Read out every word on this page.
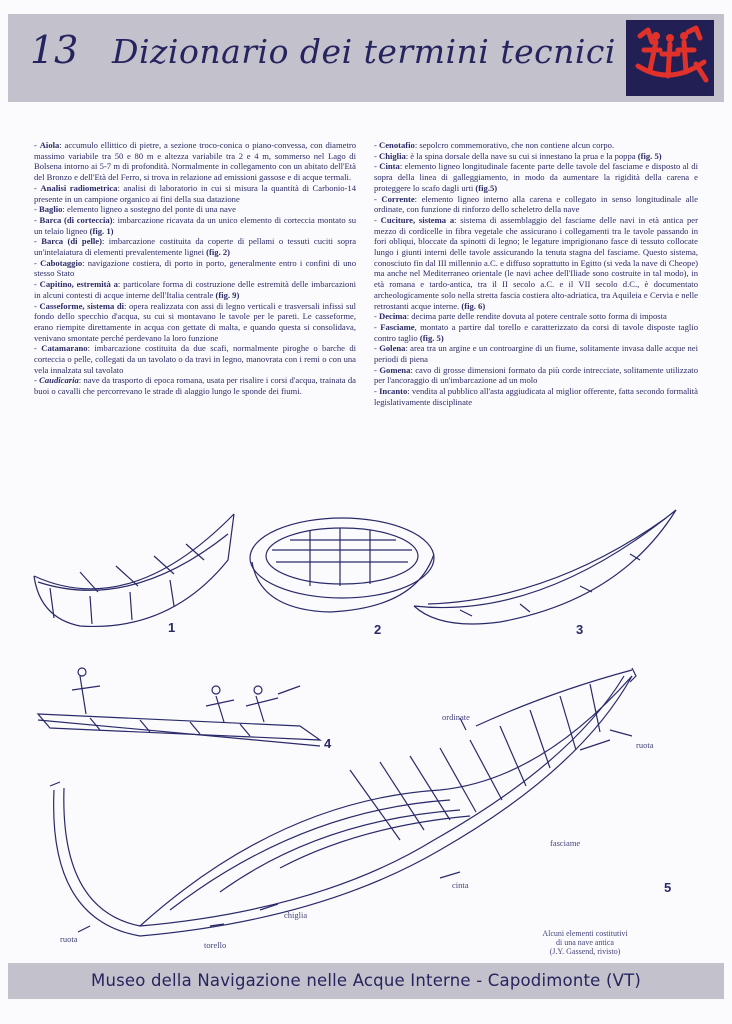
13 Dizionario dei termini tecnici

- Aiola: accumulo ellittico di pietre, a sezione troco-conica o piano-convessa, con diametro massimo variabile tra 50 e 80 m e altezza variabile tra 2 e 4 m, sommerso nel Lago di Bolsena intorno ai 5-7 m di profondità. Normalmente in collegamento con un abitato dell'Età del Bronzo e dell'Età del Ferro, si trova in relazione ad emissioni gassose e di acque termali.

- Analisi radiometrica: analisi di laboratorio in cui si misura la quantità di Carbonio-14 presente in un campione organico ai fini della sua datazione

- Baglio: elemento ligneo a sostegno del ponte di una nave

- Barca (di corteccia): imbarcazione ricavata da un unico elemento di corteccia montato su un telaio ligneo (fig. 1)

- Barca (di pelle): imbarcazione costituita da coperte di pellami o tessuti cuciti sopra un'intelaiatura di elementi prevalentemente lignei (fig. 2)

- Cabotaggio: navigazione costiera, di porto in porto, generalmente entro i confini di uno stesso Stato

- Capitino, estremità a: particolare forma di costruzione delle estremità delle imbarcazioni in alcuni contesti di acque interne dell'Italia centrale (fig. 9)

- Casseforme, sistema di: opera realizzata con assi di legno verticali e trasversali infissi sul fondo dello specchio d'acqua, su cui si montavano le tavole per le pareti. Le casseforme, erano riempite direttamente in acqua con gettate di malta, e quando questa si consolidava, venivano smontate perché perdevano la loro funzione

- Catamarano: imbarcazione costituita da due scafi, normalmente piroghe o barche di corteccia o pelle, collegati da un tavolato o da travi in legno, manovrata con i remi o con una vela innalzata sul tavolato

- Caudicaria: nave da trasporto di epoca romana, usata per risalire i corsi d'acqua, trainata da buoi o cavalli che percorrevano le strade di alaggio lungo le sponde dei fiumi.

- Cenotafio: sepolcro commemorativo, che non contiene alcun corpo.

- Chiglia: è la spina dorsale della nave su cui si innestano la prua e la poppa (fig. 5)

- Cinta: elemento ligneo longitudinale facente parte delle tavole del fasciame e disposto al di sopra della linea di galleggiamento, in modo da aumentare la rigidità della carena e proteggere lo scafo dagli urti (fig.5)

- Corrente: elemento ligneo interno alla carena e collegato in senso longitudinale alle ordinate, con funzione di rinforzo dello scheletro della nave

- Cuciture, sistema a: sistema di assemblaggio del fasciame delle navi in età antica per mezzo di cordicelle in fibra vegetale che assicurano i collegamenti tra le tavole passando in fori obliqui, bloccate da spinotti di legno; le legature imprigionano fasce di tessuto collocate lungo i giunti interni delle tavole assicurando la tenuta stagna del fasciame. Questo sistema, conosciuto fin dal III millennio a.C. e diffuso soprattutto in Egitto (si veda la nave di Cheope) ma anche nel Mediterraneo orientale (le navi achee dell'Iliade sono costruite in tal modo), in età romana e tardo-antica, tra il II secolo a.C. e il VII secolo d.C., è documentato archeologicamente solo nella stretta fascia costiera alto-adriatica, tra Aquileia e Cervia e nelle retrostanti acque interne. (fig. 6)

- Decima: decima parte delle rendite dovuta al potere centrale sotto forma di imposta

- Fasciame, montato a partire dal torello e caratterizzato da corsi di tavole disposte taglio contro taglio (fig. 5)

- Golena: area tra un argine e un controargine di un fiume, solitamente invasa dalle acque nei periodi di piena

- Gomena: cavo di grosse dimensioni formato da più corde intrecciate, solitamente utilizzato per l'ancoraggio di un'imbarcazione ad un molo

- Incanto: vendita al pubblico all'asta aggiudicata al miglior offerente, fatta secondo formalità legislativamente disciplinate

1	2	3
4
5
ordinate
ruota
fasciame
cinta
chiglia
ruota
torello
Alcuni elementi costitutivi
di una nave antica
(J.Y. Gassend, rivisto)
Museo della Navigazione nelle Acque Interne - Capodimonte (VT)
